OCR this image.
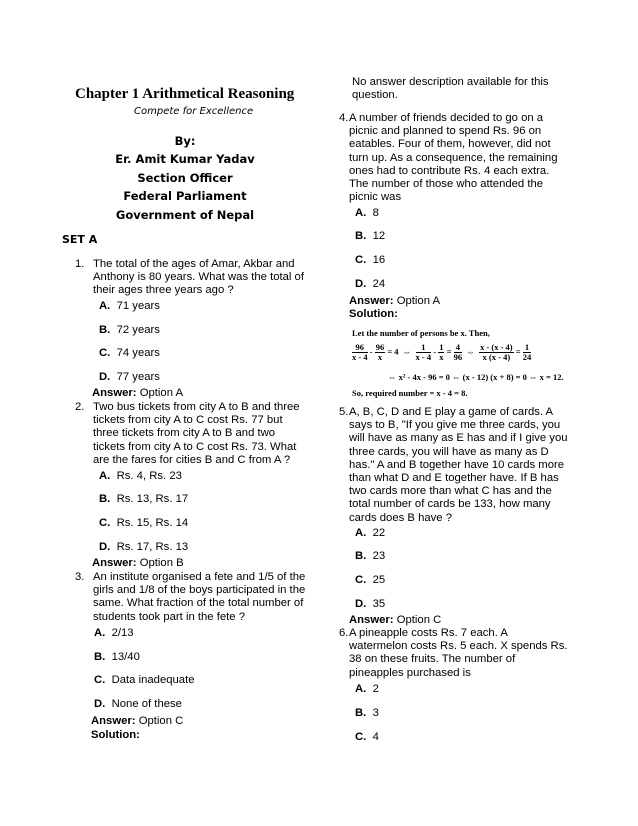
Chapter 1 Arithmetical Reasoning
Compete for Excellence
By:
Er. Amit Kumar Yadav
Section Officer
Federal Parliament
Government of Nepal
SET A
1. The total of the ages of Amar, Akbar and
Anthony is 80 years. What was the total of
their ages three years ago ?
A. 71 years
B. 72 years
C. 74 years
D. 77 years
Answer: Option A
2. Two bus tickets from city A to B and three
tickets from city A to C cost Rs. 77 but
three tickets from city A to B and two
tickets from city A to C cost Rs. 73. What
are the fares for cities B and C from A ?
A. Rs. 4, Rs. 23
B. Rs. 13, Rs. 17
C. Rs. 15, Rs. 14
D. Rs. 17, Rs. 13
Answer: Option B
3. An institute organised a fete and 1/5 of the
girls and 1/8 of the boys participated in the
same. What fraction of the total number of
students took part in the fete ?
A. 2/13
B. 13/40
C. Data inadequate
D. None of these
Answer: Option C
Solution:
No answer description available for this
question.
4. A number of friends decided to go on a
picnic and planned to spend Rs. 96 on
eatables. Four of them, however, did not
turn up. As a consequence, the remaining
ones had to contribute Rs. 4 each extra.
The number of those who attended the
picnic was
A. 8
B. 12
C. 16
D. 24
Answer: Option A
Solution:
Let the number of persons be x. Then,
$\frac{96}{x - 4} - \frac{96}{x} = 4$ ⇔ $\frac{1}{x - 4} - \frac{1}{x} = \frac{4}{96}$ ⇔ $\frac{x - (x - 4)}{x (x - 4)} = \frac{1}{24}$
⇔ x² - 4x - 96 = 0 ⇔ (x - 12) (x + 8) = 0 ⇔ x = 12.
So, required number = x - 4 = 8.
5. A, B, C, D and E play a game of cards. A
says to B, "If you give me three cards, you
will have as many as E has and if I give you
three cards, you will have as many as D
has." A and B together have 10 cards more
than what D and E together have. If B has
two cards more than what C has and the
total number of cards be 133, how many
cards does B have ?
A. 22
B. 23
C. 25
D. 35
Answer: Option C
6. A pineapple costs Rs. 7 each. A
watermelon costs Rs. 5 each. X spends Rs.
38 on these fruits. The number of
pineapples purchased is
A. 2
B. 3
C. 4
